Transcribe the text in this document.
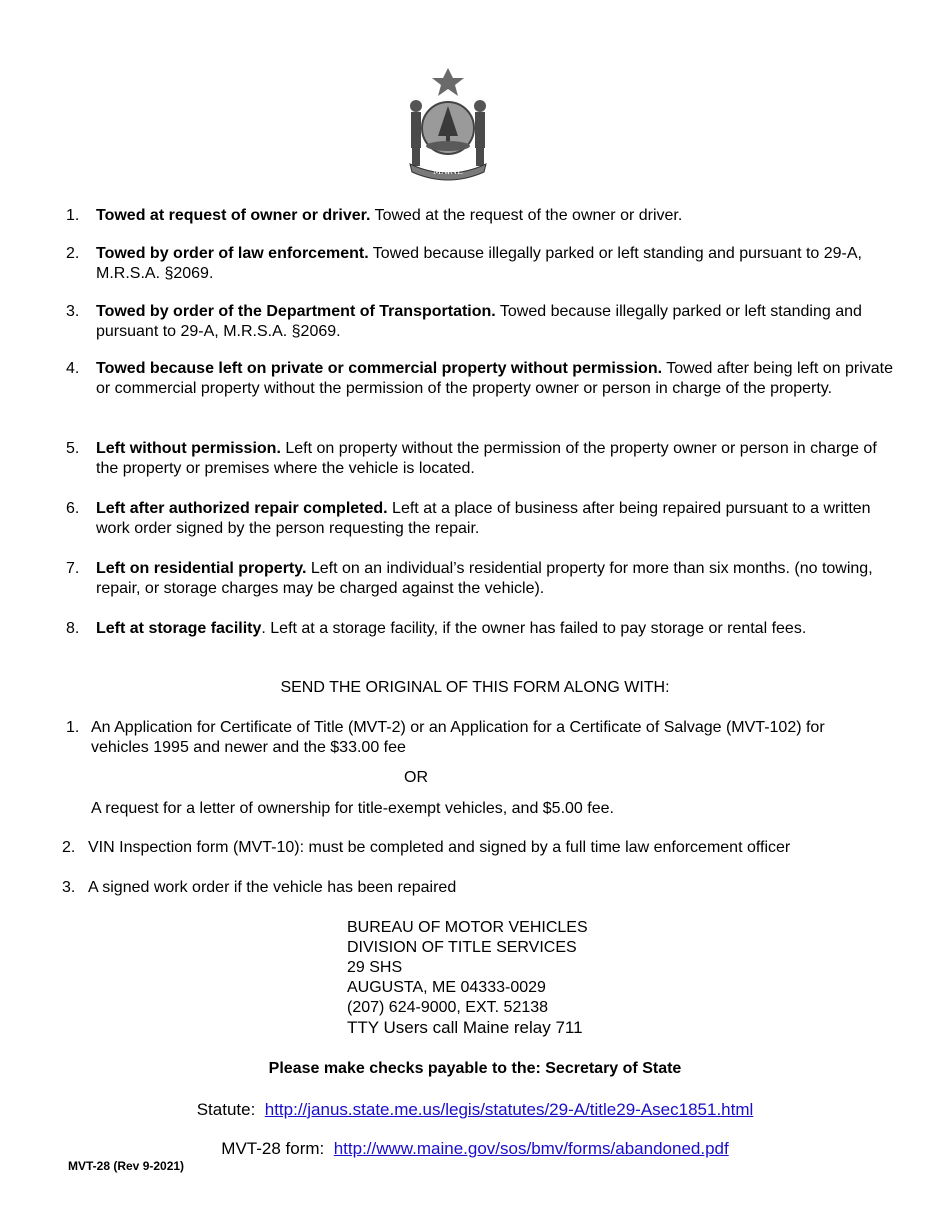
MAINE
1. Towed at request of owner or driver. Towed at the request of the owner or driver.
2. Towed by order of law enforcement. Towed because illegally parked or left standing and pursuant to 29-A, M.R.S.A. §2069.
3. Towed by order of the Department of Transportation. Towed because illegally parked or left standing and pursuant to 29-A, M.R.S.A. §2069.
4. Towed because left on private or commercial property without permission. Towed after being left on private or commercial property without the permission of the property owner or person in charge of the property.
5. Left without permission. Left on property without the permission of the property owner or person in charge of the property or premises where the vehicle is located.
6. Left after authorized repair completed. Left at a place of business after being repaired pursuant to a written work order signed by the person requesting the repair.
7. Left on residential property. Left on an individual’s residential property for more than six months. (no towing, repair, or storage charges may be charged against the vehicle).
8. Left at storage facility. Left at a storage facility, if the owner has failed to pay storage or rental fees.
SEND THE ORIGINAL OF THIS FORM ALONG WITH:
1. An Application for Certificate of Title (MVT-2) or an Application for a Certificate of Salvage (MVT-102) for vehicles 1995 and newer and the $33.00 fee
OR
A request for a letter of ownership for title-exempt vehicles, and $5.00 fee.
2. VIN Inspection form (MVT-10): must be completed and signed by a full time law enforcement officer
3. A signed work order if the vehicle has been repaired
BUREAU OF MOTOR VEHICLES
DIVISION OF TITLE SERVICES
29 SHS
AUGUSTA, ME 04333-0029
(207) 624-9000, EXT. 52138
TTY Users call Maine relay 711
Please make checks payable to the: Secretary of State
Statute:  http://janus.state.me.us/legis/statutes/29-A/title29-Asec1851.html
MVT-28 form:  http://www.maine.gov/sos/bmv/forms/abandoned.pdf
MVT-28 (Rev 9-2021)
